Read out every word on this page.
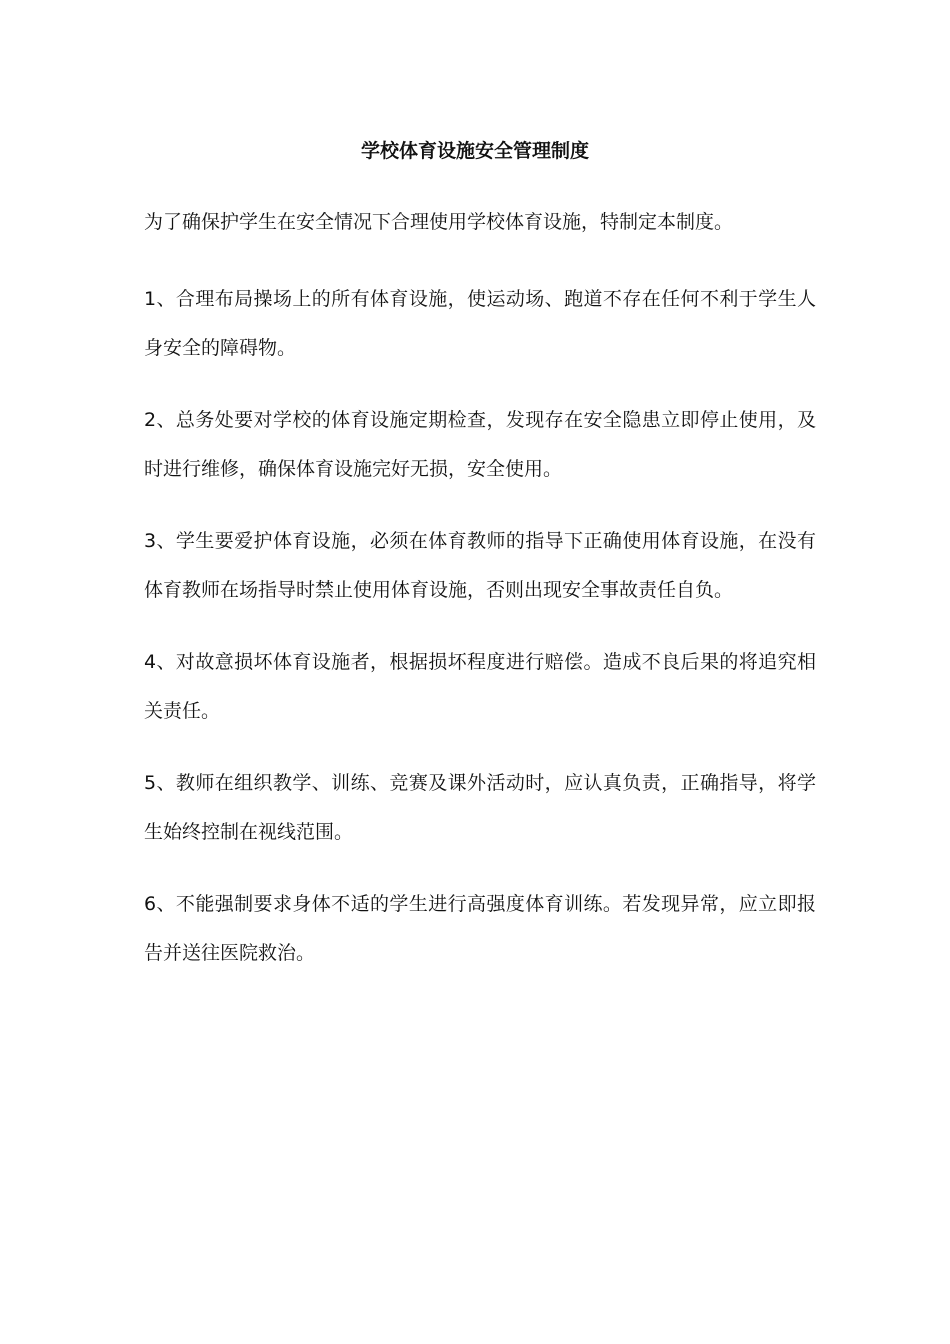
学校体育设施安全管理制度

为了确保护学生在安全情况下合理使用学校体育设施，特制定本制度。

1、合理布局操场上的所有体育设施，使运动场、跑道不存在任何不利于学生人身安全的障碍物。

2、总务处要对学校的体育设施定期检查，发现存在安全隐患立即停止使用，及时进行维修，确保体育设施完好无损，安全使用。

3、学生要爱护体育设施，必须在体育教师的指导下正确使用体育设施，在没有体育教师在场指导时禁止使用体育设施，否则出现安全事故责任自负。

4、对故意损坏体育设施者，根据损坏程度进行赔偿。造成不良后果的将追究相关责任。

5、教师在组织教学、训练、竞赛及课外活动时，应认真负责，正确指导，将学生始终控制在视线范围。

6、不能强制要求身体不适的学生进行高强度体育训练。若发现异常，应立即报告并送往医院救治。
